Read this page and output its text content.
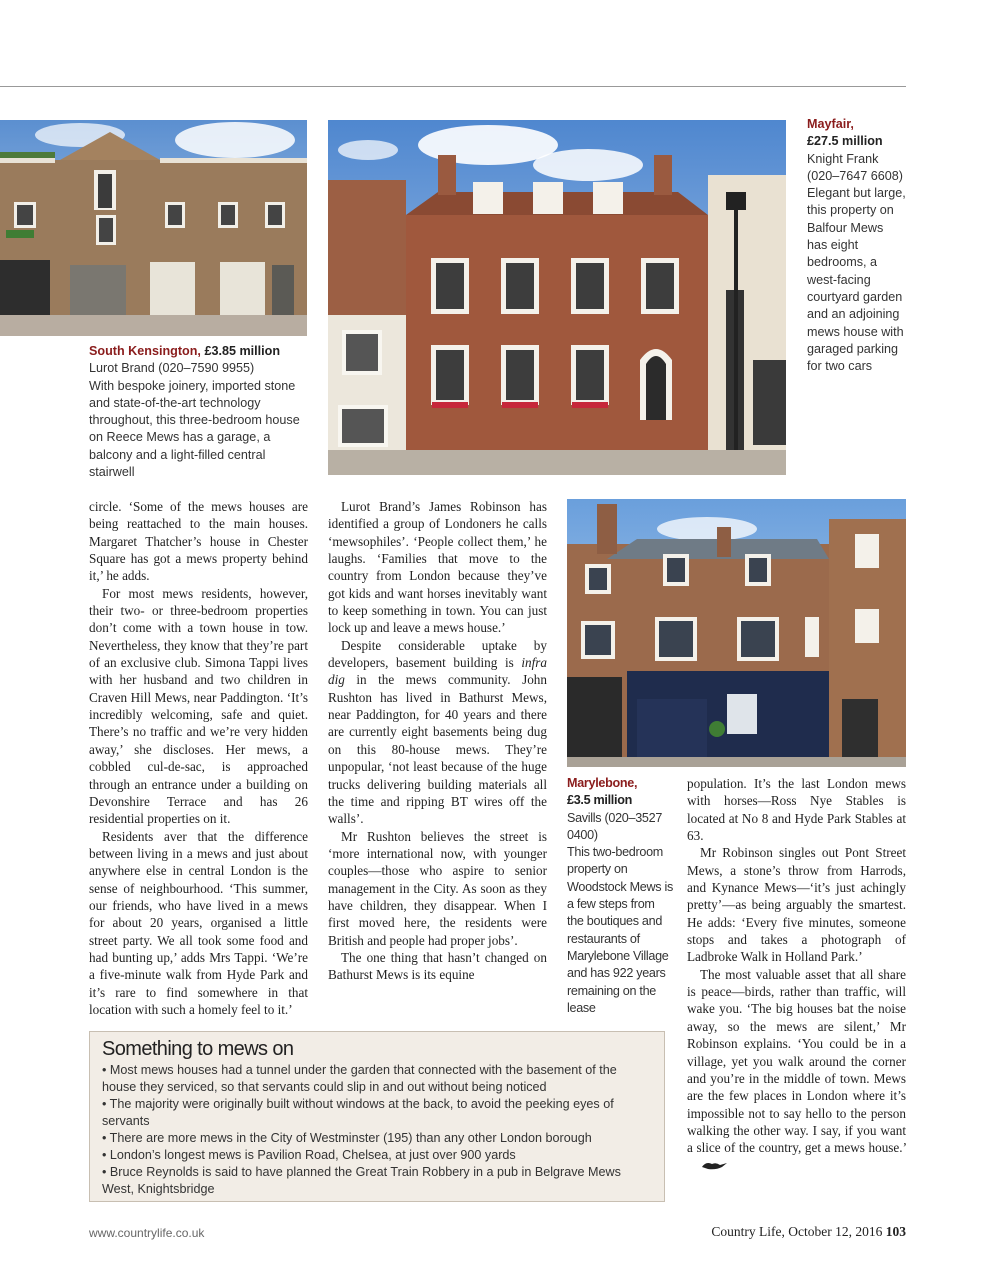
South Kensington, £3.85 million
Lurot Brand (020–7590 9955)
With bespoke joinery, imported stone and state-of-the-art technology throughout, this three-bedroom house on Reece Mews has a garage, a balcony and a light-filled central stairwell
Mayfair,
£27.5 million
Knight Frank (020–7647 6608)
Elegant but large, this property on Balfour Mews has eight bedrooms, a west-facing courtyard garden and an adjoining mews house with garaged parking for two cars
Marylebone,
£3.5 million
Savills (020–3527 0400)
This two-bedroom property on Woodstock Mews is a few steps from the boutiques and restaurants of Marylebone Village and has 922 years remaining on the lease

circle. ‘Some of the mews houses are being reattached to the main houses. Margaret Thatcher’s house in Chester Square has got a mews property behind it,’ he adds.

For most mews residents, however, their two- or three-bedroom properties don’t come with a town house in tow. Nevertheless, they know that they’re part of an exclusive club. Simona Tappi lives with her husband and two children in Craven Hill Mews, near Paddington. ‘It’s incredibly welcoming, safe and quiet. There’s no traffic and we’re very hidden away,’ she discloses. Her mews, a cobbled cul-de-sac, is approached through an entrance under a building on Devonshire Terrace and has 26 residential properties on it.

Residents aver that the difference between living in a mews and just about anywhere else in central London is the sense of neighbourhood. ‘This summer, our friends, who have lived in a mews for about 20 years, organised a little street party. We all took some food and had bunting up,’ adds Mrs Tappi. ‘We’re a five-minute walk from Hyde Park and it’s rare to find somewhere in that location with such a homely feel to it.’

Lurot Brand’s James Robinson has identified a group of Londoners he calls ‘mewsophiles’. ‘People collect them,’ he laughs. ‘Families that move to the country from London because they’ve got kids and want horses inevitably want to keep something in town. You can just lock up and leave a mews house.’

Despite considerable uptake by developers, basement building is infra dig in the mews community. John Rushton has lived in Bathurst Mews, near Paddington, for 40 years and there are currently eight basements being dug on this 80-house mews. They’re unpopular, ‘not least because of the huge trucks delivering building materials all the time and ripping BT wires off the walls’.

Mr Rushton believes the street is ‘more international now, with younger couples—those who aspire to senior management in the City. As soon as they have children, they disappear. When I first moved here, the residents were British and people had proper jobs’.

The one thing that hasn’t changed on Bathurst Mews is its equine

population. It’s the last London mews with horses—Ross Nye Stables is located at No 8 and Hyde Park Stables at 63.

Mr Robinson singles out Pont Street Mews, a stone’s throw from Harrods, and Kynance Mews—‘it’s just achingly pretty’—as being arguably the smartest. He adds: ‘Every five minutes, someone stops and takes a photograph of Ladbroke Walk in Holland Park.’

The most valuable asset that all share is peace—birds, rather than traffic, will wake you. ‘The big houses bat the noise away, so the mews are silent,’ Mr Robinson explains. ‘You could be in a village, yet you walk around the corner and you’re in the middle of town. Mews are the few places in London where it’s impossible not to say hello to the person walking the other way. I say, if you want a slice of the country, get a mews house.’

Something to mews on
• Most mews houses had a tunnel under the garden that connected with the basement of the house they serviced, so that servants could slip in and out without being noticed
• The majority were originally built without windows at the back, to avoid the peeking eyes of servants
• There are more mews in the City of Westminster (195) than any other London borough
• London’s longest mews is Pavilion Road, Chelsea, at just over 900 yards
• Bruce Reynolds is said to have planned the Great Train Robbery in a pub in Belgrave Mews West, Knightsbridge
www.countrylife.co.uk	Country Life, October 12, 2016 103
